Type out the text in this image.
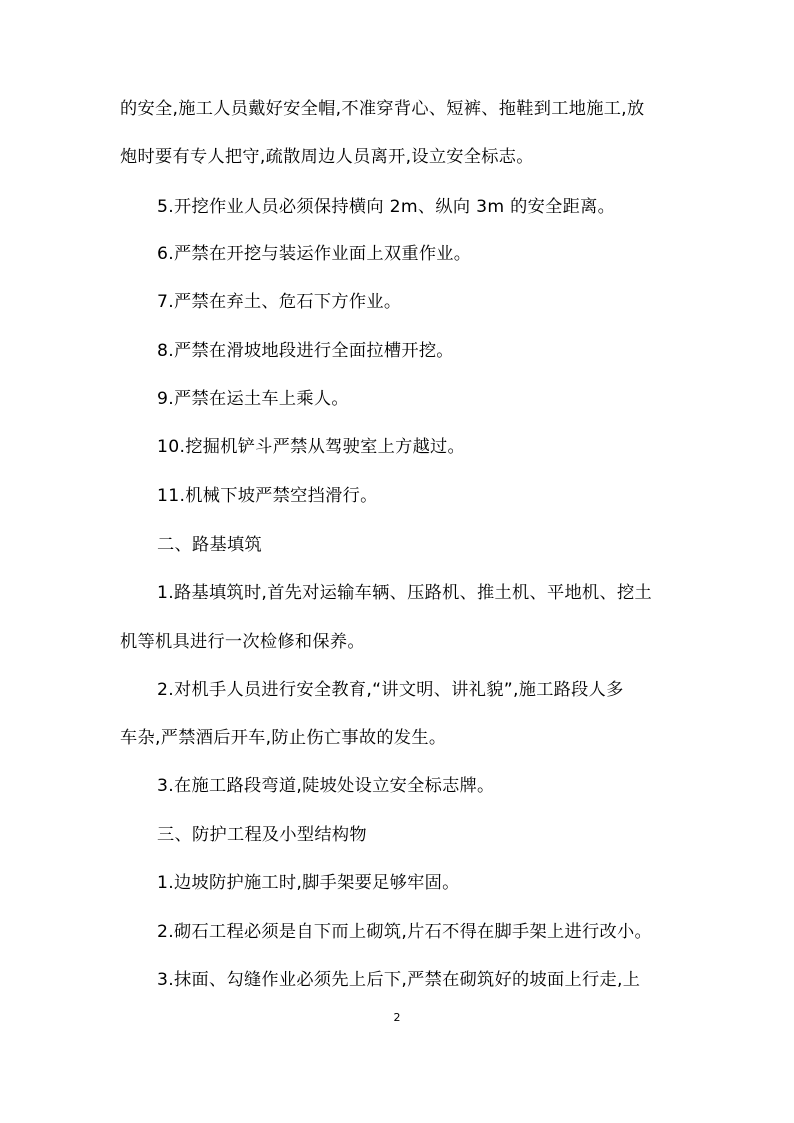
的安全,施工人员戴好安全帽,不准穿背心、短裤、拖鞋到工地施工,放
炮时要有专人把守,疏散周边人员离开,设立安全标志。
5.开挖作业人员必须保持横向 2m、纵向 3m 的安全距离。
6.严禁在开挖与装运作业面上双重作业。
7.严禁在弃土、危石下方作业。
8.严禁在滑坡地段进行全面拉槽开挖。
9.严禁在运土车上乘人。
10.挖掘机铲斗严禁从驾驶室上方越过。
11.机械下坡严禁空挡滑行。
二、路基填筑
1.路基填筑时,首先对运输车辆、压路机、推土机、平地机、挖土
机等机具进行一次检修和保养。
2.对机手人员进行安全教育,“讲文明、讲礼貌”,施工路段人多
车杂,严禁酒后开车,防止伤亡事故的发生。
3.在施工路段弯道,陡坡处设立安全标志牌。
三、防护工程及小型结构物
1.边坡防护施工时,脚手架要足够牢固。
2.砌石工程必须是自下而上砌筑,片石不得在脚手架上进行改小。
3.抹面、勾缝作业必须先上后下,严禁在砌筑好的坡面上行走,上
2
